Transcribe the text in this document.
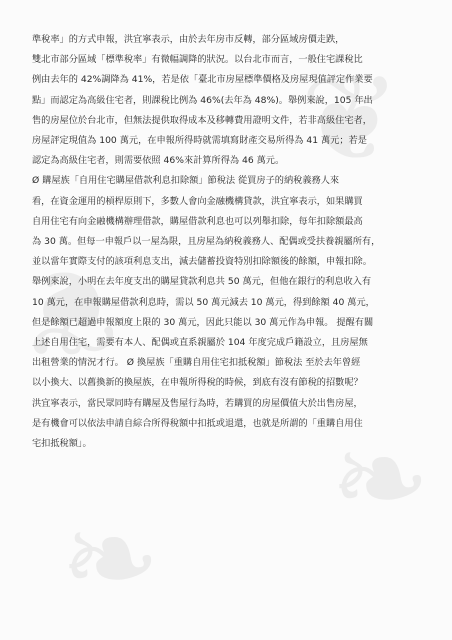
❦
❦
❧
❧

準稅率」的方式申報，洪宜寧表示，由於去年房市反轉，部分區域房價走跌，
雙北市部分區域「標準稅率」有微幅調降的狀況。以台北市而言，一般住宅課稅比
例由去年的 42%調降為 41%，若是依「臺北市房屋標準價格及房屋現值評定作業要
點」而認定為高級住宅者，則課稅比例為 46%(去年為 48%)。舉例來說，105 年出
售的房屋位於台北市，但無法提供取得成本及移轉費用證明文件，若非高級住宅者，
房屋評定現值為 100 萬元，在申報所得時就需填寫財產交易所得為 41 萬元；若是
認定為高級住宅者，則需要依照 46%來計算所得為 46 萬元。

Ø 購屋族「自用住宅購屋借款利息扣除額」節稅法 從買房子的納稅義務人來
看，在資金運用的槓桿原則下，多數人會向金融機構貸款，洪宜寧表示，如果購買
自用住宅有向金融機構辦理借款，購屋借款利息也可以列舉扣除，每年扣除額最高
為 30 萬。但每一申報戶以一屋為限，且房屋為納稅義務人、配偶或受扶養親屬所有，
並以當年實際支付的該項利息支出，減去儲蓄投資特別扣除額後的餘額，申報扣除。
舉例來說，小明在去年度支出的購屋貸款利息共 50 萬元，但他在銀行的利息收入有
10 萬元，在申報購屋借款利息時，需以 50 萬元減去 10 萬元，得到餘額 40 萬元，
但是餘額已超過申報額度上限的 30 萬元，因此只能以 30 萬元作為申報。 提醒有關
上述自用住宅，需要有本人、配偶或直系親屬於 104 年度完成戶籍設立，且房屋無
出租營業的情況才行。 Ø 換屋族「重購自用住宅扣抵稅額」節稅法 至於去年曾經
以小換大、以舊換新的換屋族，在申報所得稅的時候，到底有沒有節稅的招數呢？
洪宜寧表示，當民眾同時有購屋及售屋行為時，若購買的房屋價值大於出售房屋，
是有機會可以依法申請自綜合所得稅額中扣抵或退還，也就是所謂的「重購自用住
宅扣抵稅額」。
